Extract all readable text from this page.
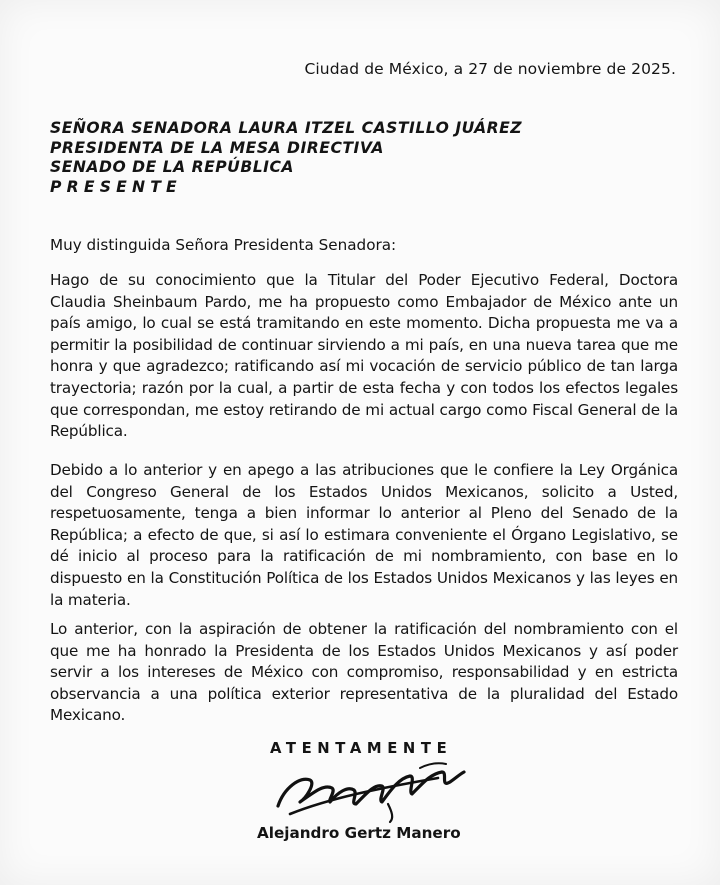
Ciudad de México, a 27 de noviembre de 2025.
SEÑORA SENADORA LAURA ITZEL CASTILLO JUÁREZ
PRESIDENTA DE LA MESA DIRECTIVA
SENADO DE LA REPÚBLICA
PRESENTE
Muy distinguida Señora Presidenta Senadora:
Hago de su conocimiento que la Titular del Poder Ejecutivo Federal, Doctora Claudia Sheinbaum Pardo, me ha propuesto como Embajador de México ante un país amigo, lo cual se está tramitando en este momento. Dicha propuesta me va a permitir la posibilidad de continuar sirviendo a mi país, en una nueva tarea que me honra y que agradezco; ratificando así mi vocación de servicio público de tan larga trayectoria; razón por la cual, a partir de esta fecha y con todos los efectos legales que correspondan, me estoy retirando de mi actual cargo como Fiscal General de la República.
Debido a lo anterior y en apego a las atribuciones que le confiere la Ley Orgánica del Congreso General de los Estados Unidos Mexicanos, solicito a Usted, respetuosamente, tenga a bien informar lo anterior al Pleno del Senado de la República; a efecto de que, si así lo estimara conveniente el Órgano Legislativo, se dé inicio al proceso para la ratificación de mi nombramiento, con base en lo dispuesto en la Constitución Política de los Estados Unidos Mexicanos y las leyes en la materia.
Lo anterior, con la aspiración de obtener la ratificación del nombramiento con el que me ha honrado la Presidenta de los Estados Unidos Mexicanos y así poder servir a los intereses de México con compromiso, responsabilidad y en estricta observancia a una política exterior representativa de la pluralidad del Estado Mexicano.
ATENTAMENTE
Alejandro Gertz Manero
